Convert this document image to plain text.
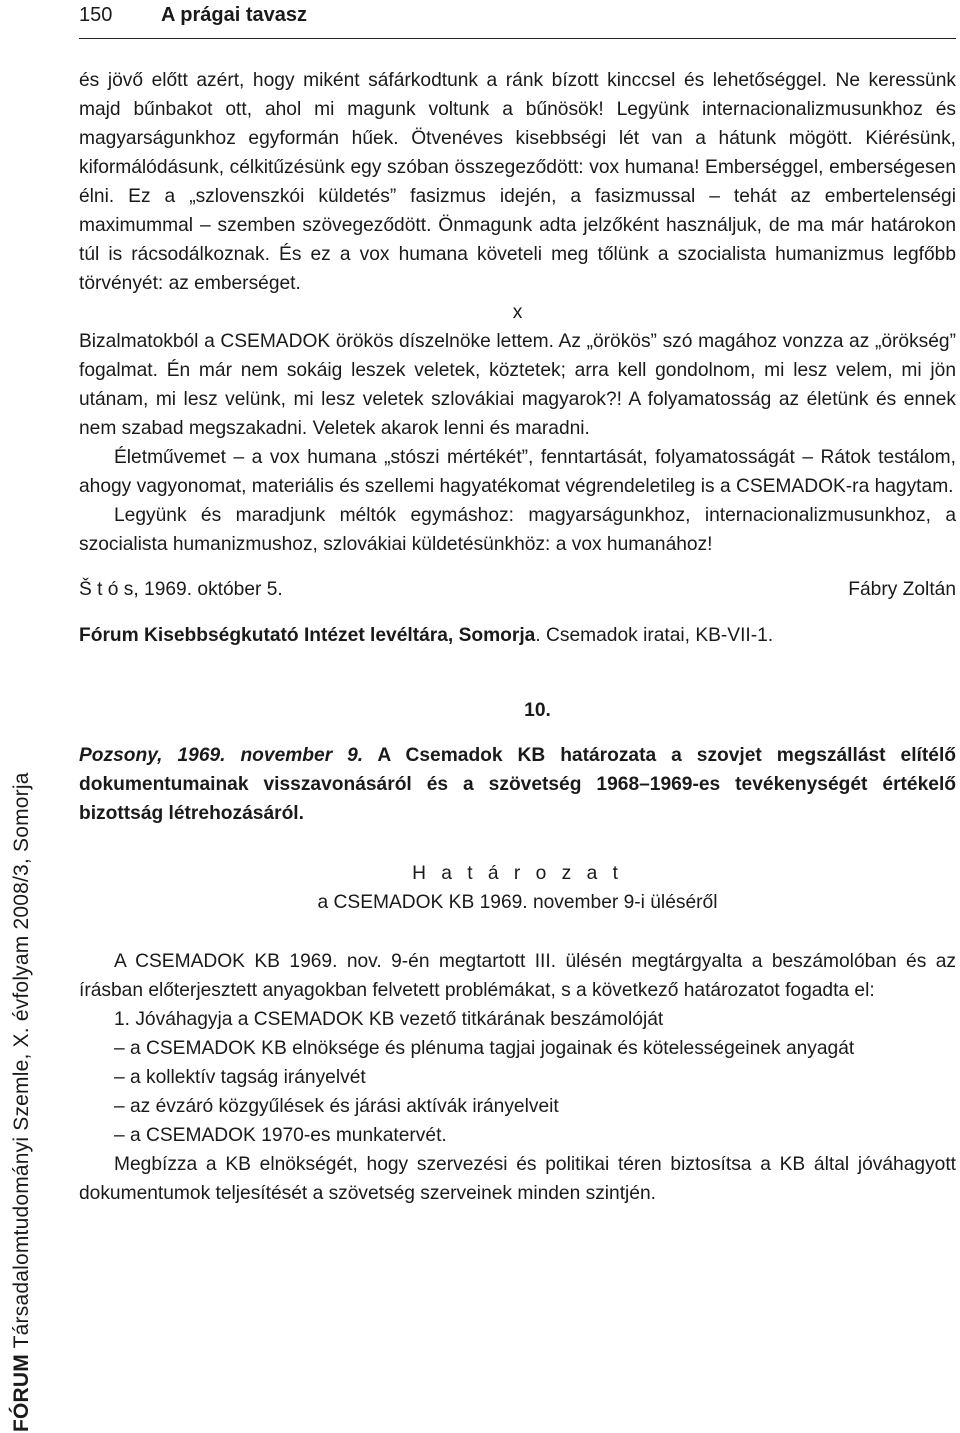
150 A prágai tavasz
FÓRUM Társadalomtudományi Szemle, X. évfolyam 2008/3, Somorja

és jövő előtt azért, hogy miként sáfárkodtunk a ránk bízott kinccsel és lehetőséggel. Ne keressünk majd bűnbakot ott, ahol mi magunk voltunk a bűnösök! Legyünk internacionalizmusunkhoz és magyarságunkhoz egyformán hűek. Ötvenéves kisebbségi lét van a hátunk mögött. Kiérésünk, kiformálódásunk, célkitűzésünk egy szóban összegeződött: vox humana! Emberséggel, emberségesen élni. Ez a „szlovenszkói küldetés” fasizmus idején, a fasizmussal – tehát az embertelenségi maximummal – szemben szövegeződött. Önmagunk adta jelzőként használjuk, de ma már határokon túl is rácsodálkoznak. És ez a vox humana követeli meg tőlünk a szocialista humanizmus legfőbb törvényét: az emberséget.

x

Bizalmatokból a CSEMADOK örökös díszelnöke lettem. Az „örökös” szó magához vonzza az „örökség” fogalmat. Én már nem sokáig leszek veletek, köztetek; arra kell gondolnom, mi lesz velem, mi jön utánam, mi lesz velünk, mi lesz veletek szlovákiai magyarok?! A folyamatosság az életünk és ennek nem szabad megszakadni. Veletek akarok lenni és maradni.

Életművemet – a vox humana „stószi mértékét”, fenntartását, folyamatosságát – Rátok testálom, ahogy vagyonomat, materiális és szellemi hagyatékomat végrendeletileg is a CSEMADOK-ra hagytam.

Legyünk és maradjunk méltók egymáshoz: magyarságunkhoz, internacionalizmusunkhoz, a szocialista humanizmushoz, szlovákiai küldetésünkhöz: a vox humanához!

Š t ó s, 1969. október 5.	Fábry Zoltán

Fórum Kisebbségkutató Intézet levéltára, Somorja. Csemadok iratai, KB-VII-1.

10.

Pozsony, 1969. november 9. A Csemadok KB határozata a szovjet megszállást elítélő dokumentumainak visszavonásáról és a szövetség 1968–1969-es tevékenységét értékelő bizottság létrehozásáról.

H a t á r o z a t

a CSEMADOK KB 1969. november 9-i üléséről

A CSEMADOK KB 1969. nov. 9-én megtartott III. ülésén megtárgyalta a beszámolóban és az írásban előterjesztett anyagokban felvetett problémákat, s a következő határozatot fogadta el:

1. Jóváhagyja a CSEMADOK KB vezető titkárának beszámolóját

– a CSEMADOK KB elnöksége és plénuma tagjai jogainak és kötelességeinek anyagát

– a kollektív tagság irányelvét

– az évzáró közgyűlések és járási aktívák irányelveit

– a CSEMADOK 1970-es munkatervét.

Megbízza a KB elnökségét, hogy szervezési és politikai téren biztosítsa a KB által jóváhagyott dokumentumok teljesítését a szövetség szerveinek minden szintjén.
